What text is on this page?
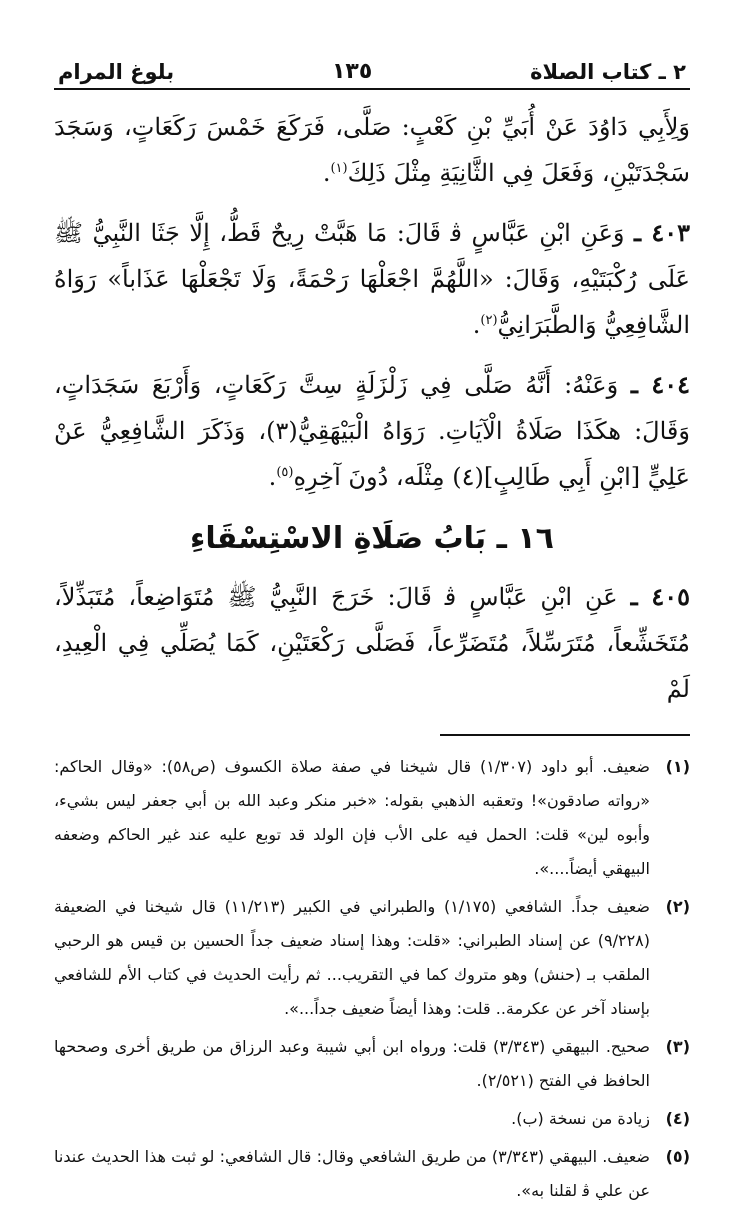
٢ ـ كتاب الصلاة
١٣٥
بلوغ المرام

وَلِأَبِي دَاوُدَ عَنْ أُبَيِّ بْنِ كَعْبٍ: صَلَّى، فَرَكَعَ خَمْسَ رَكَعَاتٍ، وَسَجَدَ سَجْدَتَيْنِ، وَفَعَلَ فِي الثَّانِيَةِ مِثْلَ ذَلِكَ$^{(١)}$.

٤٠٣ ـ وَعَنِ ابْنِ عَبَّاسٍ ﭬ قَالَ: مَا هَبَّتْ رِيحٌ قَطُّ، إِلَّا جَثَا النَّبِيُّ ﷺ عَلَى رُكْبَتَيْهِ، وَقَالَ: «اللَّهُمَّ اجْعَلْهَا رَحْمَةً، وَلَا تَجْعَلْهَا عَذَاباً» رَوَاهُ الشَّافِعِيُّ وَالطَّبَرَانِيُّ$^{(٢)}$.

٤٠٤ ـ وَعَنْهُ: أَنَّهُ صَلَّى فِي زَلْزَلَةٍ سِتَّ رَكَعَاتٍ، وَأَرْبَعَ سَجَدَاتٍ، وَقَالَ: هكَذَا صَلَاةُ الْآيَاتِ. رَوَاهُ الْبَيْهَقِيُّ(٣)، وَذَكَرَ الشَّافِعِيُّ عَنْ عَلِيٍّ [ابْنِ أَبِي طَالِبٍ](٤) مِثْلَه، دُونَ آخِرِهِ$^{(٥)}$.

١٦ ـ بَابُ صَلَاةِ الاسْتِسْقَاءِ

٤٠٥ ـ عَنِ ابْنِ عَبَّاسٍ ﭬ قَالَ: خَرَجَ النَّبِيُّ ﷺ مُتَوَاضِعاً، مُتَبَذِّلاً، مُتَخَشِّعاً، مُتَرَسِّلاً، مُتَضَرِّعاً، فَصَلَّى رَكْعَتَيْنِ، كَمَا يُصَلِّي فِي الْعِيدِ، لَمْ

(١)
ضعيف. أبو داود (١/٣٠٧) قال شيخنا في صفة صلاة الكسوف (ص٥٨): «وقال الحاكم: «رواته صادقون»! وتعقبه الذهبي بقوله: «خبر منكر وعبد الله بن أبي جعفر ليس بشيء، وأبوه لين» قلت: الحمل فيه على الأب فإن الولد قد توبع عليه عند غير الحاكم وضعفه البيهقي أيضاً....».
(٢)
ضعيف جداً. الشافعي (١/١٧٥) والطبراني في الكبير (١١/٢١٣) قال شيخنا في الضعيفة (٩/٢٢٨) عن إسناد الطبراني: «قلت: وهذا إسناد ضعيف جداً الحسين بن قيس هو الرحبي الملقب بـ (حنش) وهو متروك كما في التقريب... ثم رأيت الحديث في كتاب الأم للشافعي بإسناد آخر عن عكرمة.. قلت: وهذا أيضاً ضعيف جداً...».
(٣)
صحيح. البيهقي (٣/٣٤٣) قلت: ورواه ابن أبي شيبة وعبد الرزاق من طريق أخرى وصححها الحافظ في الفتح (٢/٥٢١).
(٤)
زيادة من نسخة (ب).
(٥)
ضعيف. البيهقي (٣/٣٤٣) من طريق الشافعي وقال: قال الشافعي: لو ثبت هذا الحديث عندنا عن علي ﭬ لقلنا به».
